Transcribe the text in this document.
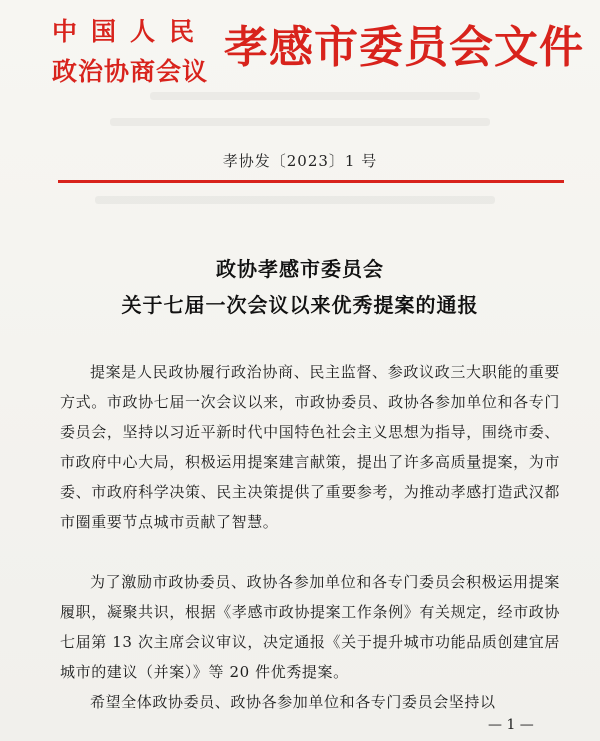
中国人民
政治协商会议 孝感市委员会文件
孝协发〔2023〕1 号
政协孝感市委员会
关于七届一次会议以来优秀提案的通报

提案是人民政协履行政治协商、民主监督、参政议政三大职能的重要方式。市政协七届一次会议以来，市政协委员、政协各参加单位和各专门委员会，坚持以习近平新时代中国特色社会主义思想为指导，围绕市委、市政府中心大局，积极运用提案建言献策，提出了许多高质量提案，为市委、市政府科学决策、民主决策提供了重要参考，为推动孝感打造武汉都市圈重要节点城市贡献了智慧。

为了激励市政协委员、政协各参加单位和各专门委员会积极运用提案履职，凝聚共识，根据《孝感市政协提案工作条例》有关规定，经市政协七届第 13 次主席会议审议，决定通报《关于提升城市功能品质创建宜居城市的建议（并案）》等 20 件优秀提案。

希望全体政协委员、政协各参加单位和各专门委员会坚持以

— 1 —
